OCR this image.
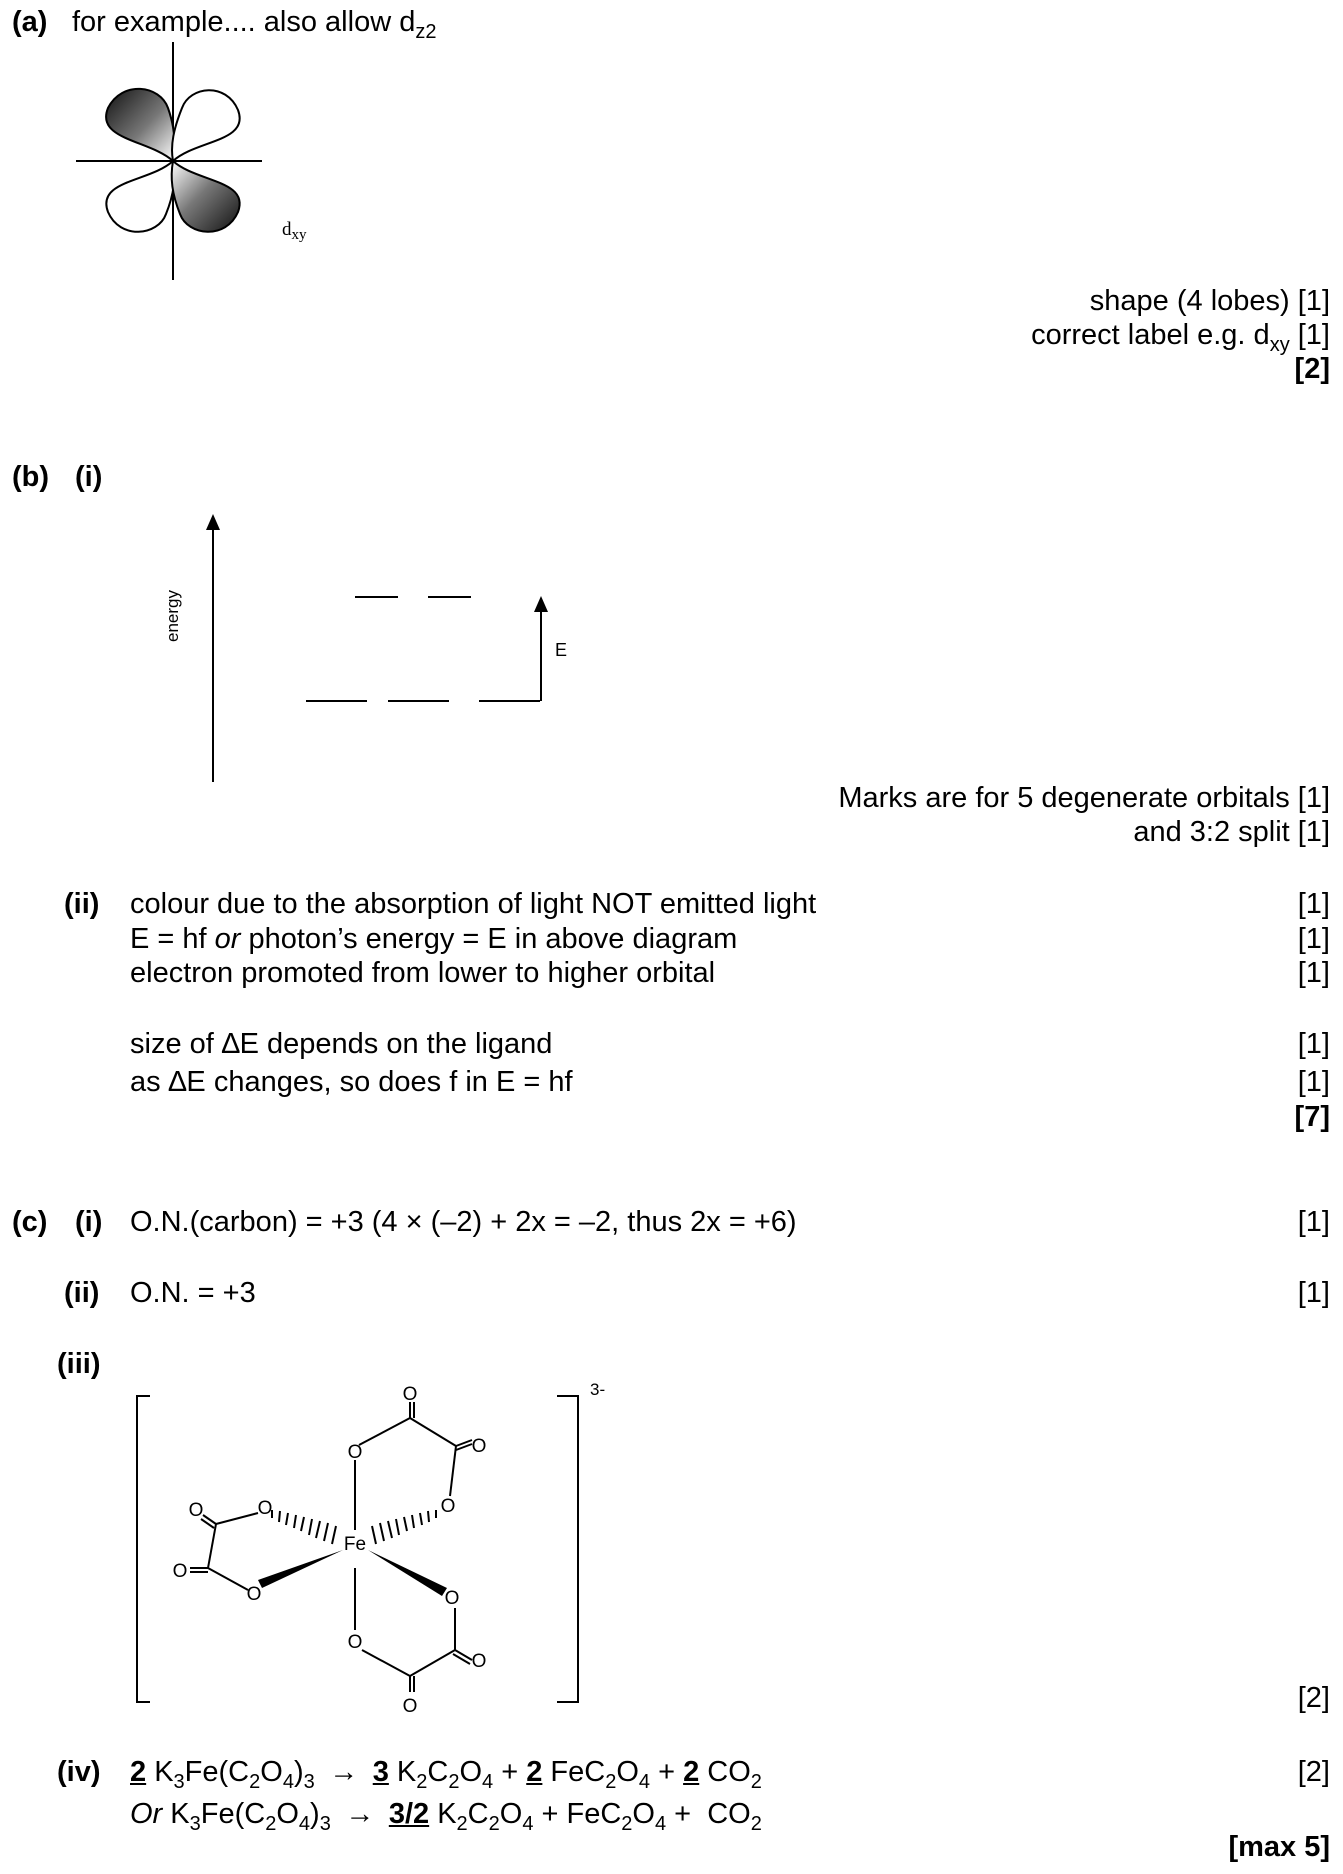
(a) for example.... also allow $d_{z2}$
Fe
O
O	O
O
O
O
O
O	O
O
O
O
$d_{xy}$
shape (4 lobes) [1]
correct label e.g. $d_{xy}$ [1]
[2]
(b) (i)
energy
E
Marks are for 5 degenerate orbitals [1]
and 3:2 split [1]
(ii) colour due to the absorption of light NOT emitted light	[1]
E = hf or photon’s energy = E in above diagram	[1]
electron promoted from lower to higher orbital	[1]
size of ∆E depends on the ligand	[1]
as ∆E changes, so does f in E = hf	[1]
[7]
(c) (i) O.N.(carbon) = +3 (4 × (–2) + 2x = –2, thus 2x = +6)	[1]
(ii) O.N. = +3	[1]
(iii)
3-
[2]
(iv) 2 $K_3Fe(C_2O_4)_3 \to 3$ $K_2C_2O_4 + 2$ $FeC_2O_4 + 2$ $CO_2$	[2]
Or $K_3Fe(C_2O_4)_3 \to 3/2$ $K_2C_2O_4 + FeC_2O_4 + CO_2$
[max 5]
